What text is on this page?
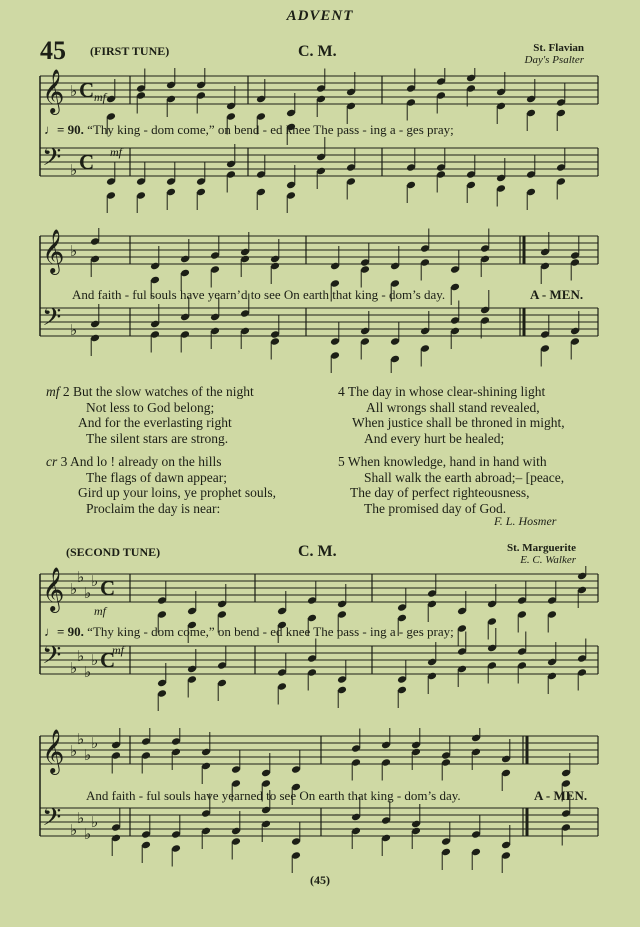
ADVENT
45 (FIRST TUNE)	C. M.	St. Flavian
Day's Psalter
𝄞 ♭ C
𝄢 ♭ C
mf
mf
♩= 90. “Thy king - dom come,” on bend - ed knee The pass - ing a - ges pray;
𝄞 ♭
𝄢 ♭
And faith - ful souls have yearn’d to see On earth that king - dom’s day.	A - MEN.
mf 2 But the slow watches of the night
Not less to God belong;
And for the everlasting right
The silent stars are strong.
cr 3 And lo ! already on the hills
The flags of dawn appear;
Gird up your loins, ye prophet souls,
Proclaim the day is near:
4 The day in whose clear-shining light
All wrongs shall stand revealed,
When justice shall be throned in might,
And every hurt be healed;
5 When knowledge, hand in hand with
Shall walk the earth abroad;– [peace,
The day of perfect righteousness,
The promised day of God.
F. L. Hosmer
(SECOND TUNE)	C. M.	St. Marguerite
E. C. Walker
𝄞 ♭
♭
♭
♭ C
𝄢 ♭
♭
♭
♭ C
mf
mf
♩= 90. “Thy king - dom come,” on bend - ed knee The pass - ing a - ges pray;
𝄞 ♭
♭
♭
♭
𝄢 ♭
♭
♭
♭
And faith - ful souls have yearned to see On earth that king - dom’s day.	A - MEN.
(45)
